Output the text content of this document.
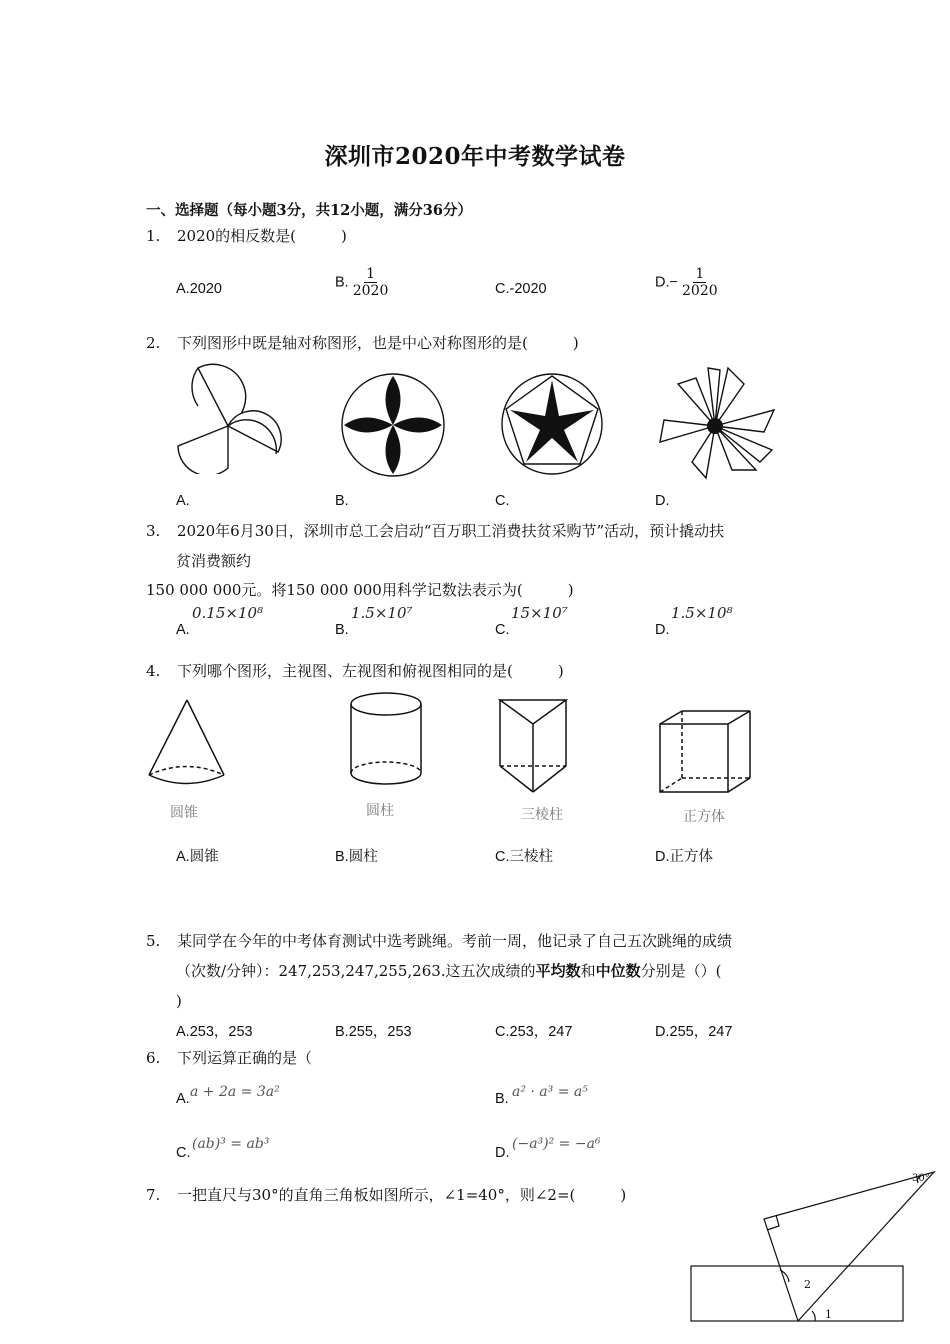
深圳市2020年中考数学试卷
一、选择题（每小题3分，共12小题，满分36分）
1. 2020的相反数是(　　　)
A.2020	B. $\frac{1}{2020}$	C.-2020	$D.- \frac{1}{2020}$
2. 下列图形中既是轴对称图形，也是中心对称图形的是(　　　)
A.	B.	C.	D.
3. 2020年6月30日，深圳市总工会启动“百万职工消费扶贫采购节”活动，预计撬动扶
贫消费额约
150 000 000元。将150 000 000用科学记数法表示为(　　　)
A.
0.15×10⁸
B.
1.5×10⁷
C.
15×10⁷
D.
1.5×10⁸
4. 下列哪个图形，主视图、左视图和俯视图相同的是(　　　)
圆锥	圆柱	三棱柱	正方体
A.圆锥	B.圆柱	C.三棱柱	D.正方体
5. 某同学在今年的中考体育测试中选考跳绳。考前一周，他记录了自己五次跳绳的成绩
（次数/分钟）：247,253,247,255,263.这五次成绩的平均数和中位数分别是（）(
)
A.253，253	B.255，253	C.253，247	D.255，247
6. 下列运算正确的是（
A. a + 2a = 3a²	B. a² · a³ = a⁵
C.
(ab)³ = ab³
D.
(−a³)² = −a⁶
7. 一把直尺与30°的直角三角板如图所示，∠1=40°，则∠2=(　　　)
30°
2
1
